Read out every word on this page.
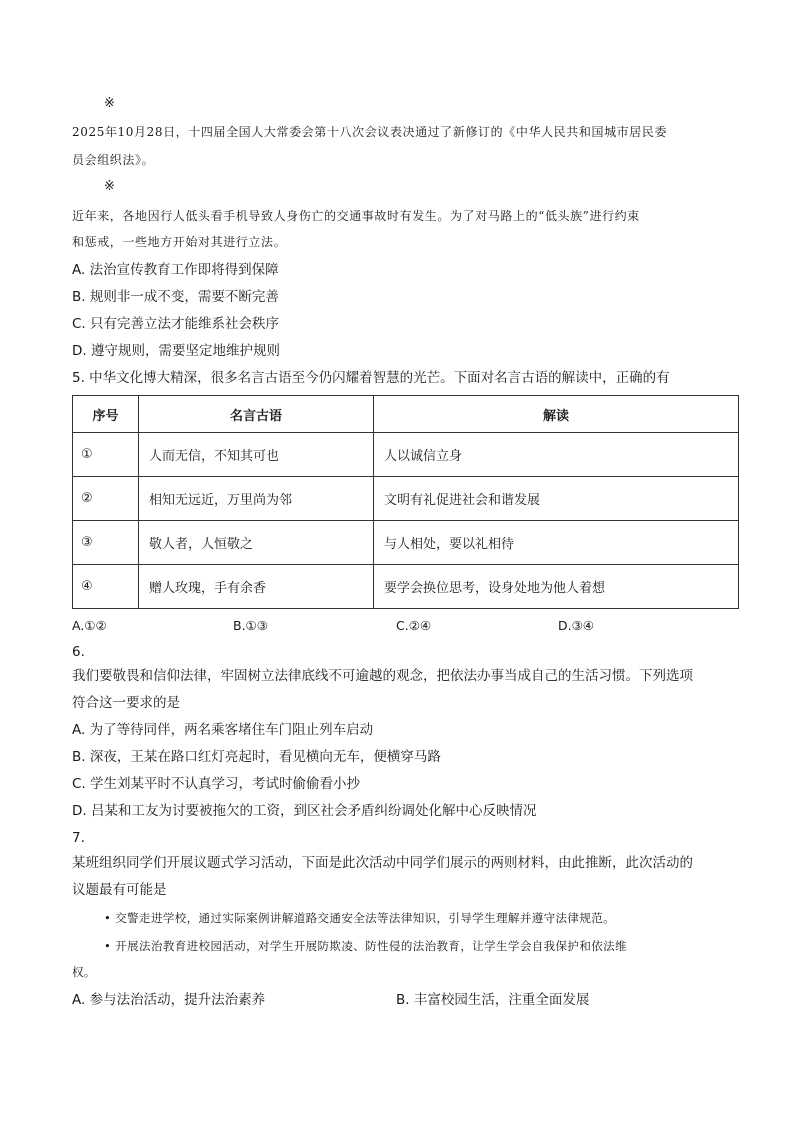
※
2025年10月28日，十四届全国人大常委会第十八次会议表决通过了新修订的《中华人民共和国城市居民委
员会组织法》。
※
近年来，各地因行人低头看手机导致人身伤亡的交通事故时有发生。为了对马路上的“低头族”进行约束
和惩戒，一些地方开始对其进行立法。
A. 法治宣传教育工作即将得到保障
B. 规则非一成不变，需要不断完善
C. 只有完善立法才能维系社会秩序
D. 遵守规则，需要坚定地维护规则
5. 中华文化博大精深，很多名言古语至今仍闪耀着智慧的光芒。下面对名言古语的解读中，正确的有
序号	名言古语	解读
①	人而无信，不知其可也	人以诚信立身
②	相知无远近，万里尚为邻	文明有礼促进社会和谐发展
③	敬人者，人恒敬之	与人相处，要以礼相待
④	赠人玫瑰，手有余香	要学会换位思考，设身处地为他人着想
A.①②	B.①③	C.②④	D.③④
6.
我们要敬畏和信仰法律，牢固树立法律底线不可逾越的观念，把依法办事当成自己的生活习惯。下列选项
符合这一要求的是
A. 为了等待同伴，两名乘客堵住车门阻止列车启动
B. 深夜，王某在路口红灯亮起时，看见横向无车，便横穿马路
C. 学生刘某平时不认真学习，考试时偷偷看小抄
D. 吕某和工友为讨要被拖欠的工资，到区社会矛盾纠纷调处化解中心反映情况
7.
某班组织同学们开展议题式学习活动，下面是此次活动中同学们展示的两则材料，由此推断，此次活动的
议题最有可能是
• 交警走进学校，通过实际案例讲解道路交通安全法等法律知识，引导学生理解并遵守法律规范。
• 开展法治教育进校园活动，对学生开展防欺凌、防性侵的法治教育，让学生学会自我保护和依法维
权。
A. 参与法治活动，提升法治素养	B. 丰富校园生活，注重全面发展
